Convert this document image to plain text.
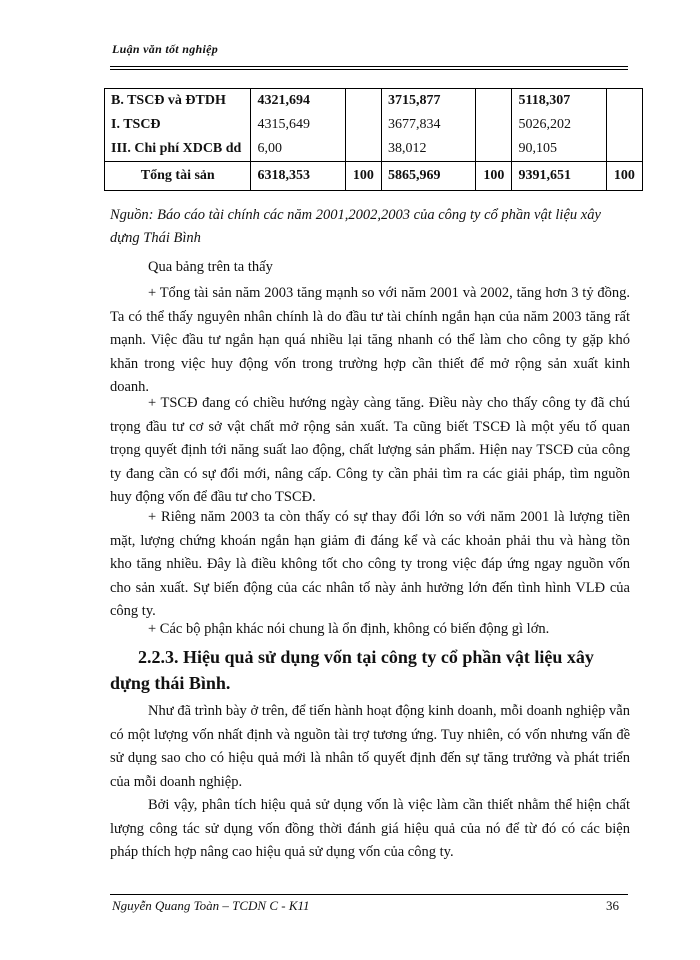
Luận văn tốt nghiệp
B. TSCĐ và ĐTDH	4321,694		3715,877		5118,307	
I. TSCĐ	4315,649		3677,834		5026,202	
III. Chi phí XDCB dd	6,00		38,012		90,105	
Tổng tài sản	6318,353	100	5865,969	100	9391,651	100
Nguồn: Báo cáo tài chính các năm 2001,2002,2003 của công ty cổ phần vật liệu xây dựng Thái Bình
Qua bảng trên ta thấy
+ Tổng tài sản năm 2003 tăng mạnh so với năm 2001 và 2002, tăng hơn 3 tỷ đồng. Ta có thể thấy nguyên nhân chính là do đầu tư tài chính ngắn hạn của năm 2003 tăng rất mạnh. Việc đầu tư ngắn hạn quá nhiều lại tăng nhanh có thể làm cho công ty gặp khó khăn trong việc huy động vốn trong trường hợp cần thiết để mở rộng sản xuất kinh doanh.
+ TSCĐ đang có chiều hướng ngày càng tăng. Điều này cho thấy công ty đã chú trọng đầu tư cơ sở vật chất mở rộng sản xuất. Ta cũng biết TSCĐ là một yếu tố quan trọng quyết định tới năng suất lao động, chất lượng sản phẩm. Hiện nay TSCĐ của công ty đang cần có sự đổi mới, nâng cấp. Công ty cần phải tìm ra các giải pháp, tìm nguồn huy động vốn để đầu tư cho TSCĐ.
+ Riêng năm 2003 ta còn thấy có sự thay đổi lớn so với năm 2001 là lượng tiền mặt, lượng chứng khoán ngắn hạn giảm đi đáng kể và các khoản phải thu và hàng tồn kho tăng nhiều. Đây là điều không tốt cho công ty trong việc đáp ứng ngay nguồn vốn cho sản xuất. Sự biến động của các nhân tố này ảnh hưởng lớn đến tình hình VLĐ của công ty.
+ Các bộ phận khác nói chung là ổn định, không có biến động gì lớn.
2.2.3. Hiệu quả sử dụng vốn tại công ty cổ phần vật liệu xây dựng thái Bình.
Như đã trình bày ở trên, để tiến hành hoạt động kinh doanh, mỗi doanh nghiệp vẫn có một lượng vốn nhất định và nguồn tài trợ tương ứng. Tuy nhiên, có vốn nhưng vấn đề sử dụng sao cho có hiệu quả mới là nhân tố quyết định đến sự tăng trưởng và phát triển của mỗi doanh nghiệp.
Bởi vậy, phân tích hiệu quả sử dụng vốn là việc làm cần thiết nhằm thể hiện chất lượng công tác sử dụng vốn đồng thời đánh giá hiệu quả của nó để từ đó có các biện pháp thích hợp nâng cao hiệu quả sử dụng vốn của công ty.
Nguyễn Quang Toàn – TCDN C - K11	36
